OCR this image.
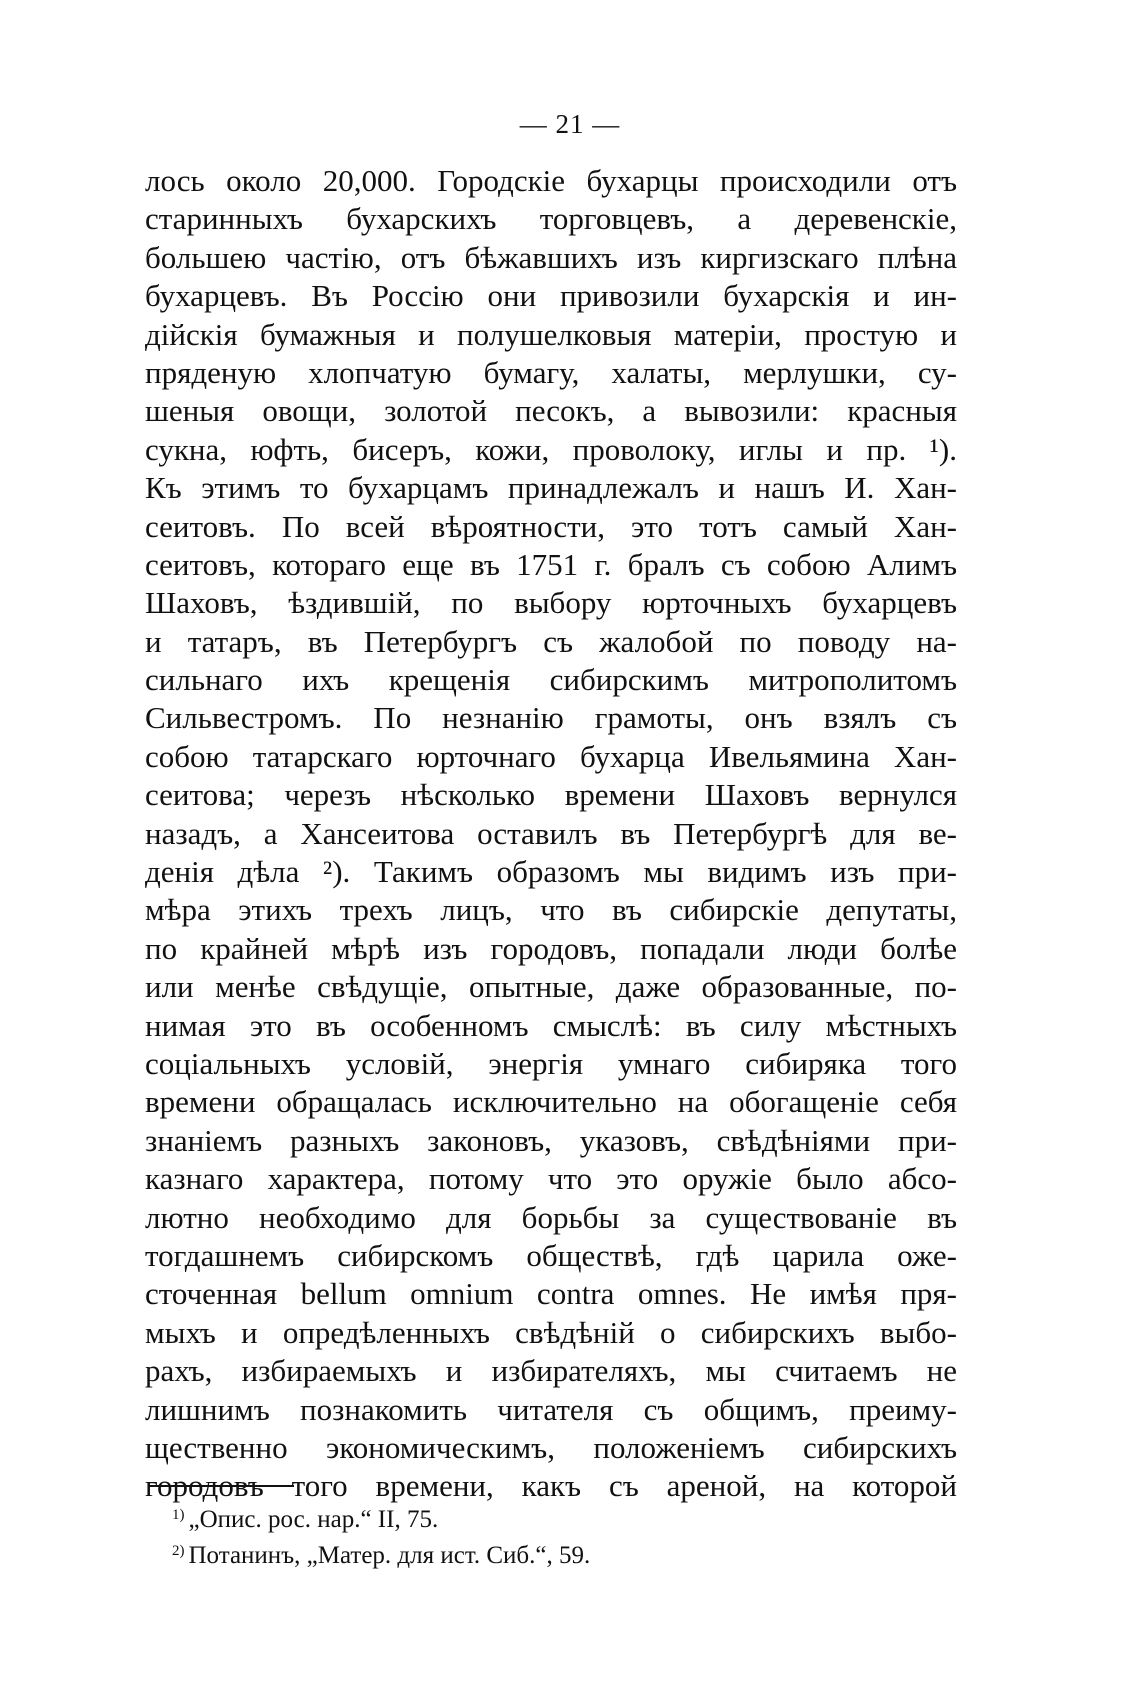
— 21 —
лось около 20,000. Городскіе бухарцы происходили отъ
старинныхъ бухарскихъ торговцевъ, а деревенскіе,
большею частію, отъ бѣжавшихъ изъ киргизскаго плѣна
бухарцевъ. Въ Россію они привозили бухарскія и ин-
дійскія бумажныя и полушелковыя матеріи, простую и
пряденую хлопчатую бумагу, халаты, мерлушки, су-
шеныя овощи, золотой песокъ, а вывозили: красныя
сукна, юфть, бисеръ, кожи, проволоку, иглы и пр. ¹).
Къ этимъ то бухарцамъ принадлежалъ и нашъ И. Хан-
сеитовъ. По всей вѣроятности, это тотъ самый Хан-
сеитовъ, котораго еще въ 1751 г. бралъ съ собою Алимъ
Шаховъ, ѣздившій, по выбору юрточныхъ бухарцевъ
и татаръ, въ Петербургъ съ жалобой по поводу на-
сильнаго ихъ крещенія сибирскимъ митрополитомъ
Сильвестромъ. По незнанію грамоты, онъ взялъ съ
собою татарскаго юрточнаго бухарца Ивельямина Хан-
сеитова; черезъ нѣсколько времени Шаховъ вернулся
назадъ, а Хансеитова оставилъ въ Петербургѣ для ве-
денія дѣла ²). Такимъ образомъ мы видимъ изъ при-
мѣра этихъ трехъ лицъ, что въ сибирскіе депутаты,
по крайней мѣрѣ изъ городовъ, попадали люди болѣе
или менѣе свѣдущіе, опытные, даже образованные, по-
нимая это въ особенномъ смыслѣ: въ силу мѣстныхъ
соціальныхъ условій, энергія умнаго сибиряка того
времени обращалась исключительно на обогащеніе себя
знаніемъ разныхъ законовъ, указовъ, свѣдѣніями при-
казнаго характера, потому что это оружіе было абсо-
лютно необходимо для борьбы за существованіе въ
тогдашнемъ сибирскомъ обществѣ, гдѣ царила оже-
сточенная bellum omnium contra omnes. Не имѣя пря-
мыхъ и опредѣленныхъ свѣдѣній о сибирскихъ выбо-
рахъ, избираемыхъ и избирателяхъ, мы считаемъ не
лишнимъ познакомить читателя съ общимъ, преиму-
щественно экономическимъ, положеніемъ сибирскихъ
городовъ того времени, какъ съ ареной, на которой
$^{1)}$ „Опис. рос. нар.“ II, 75.
$^{2)}$ Потанинъ, „Матер. для ист. Сиб.“, 59.
